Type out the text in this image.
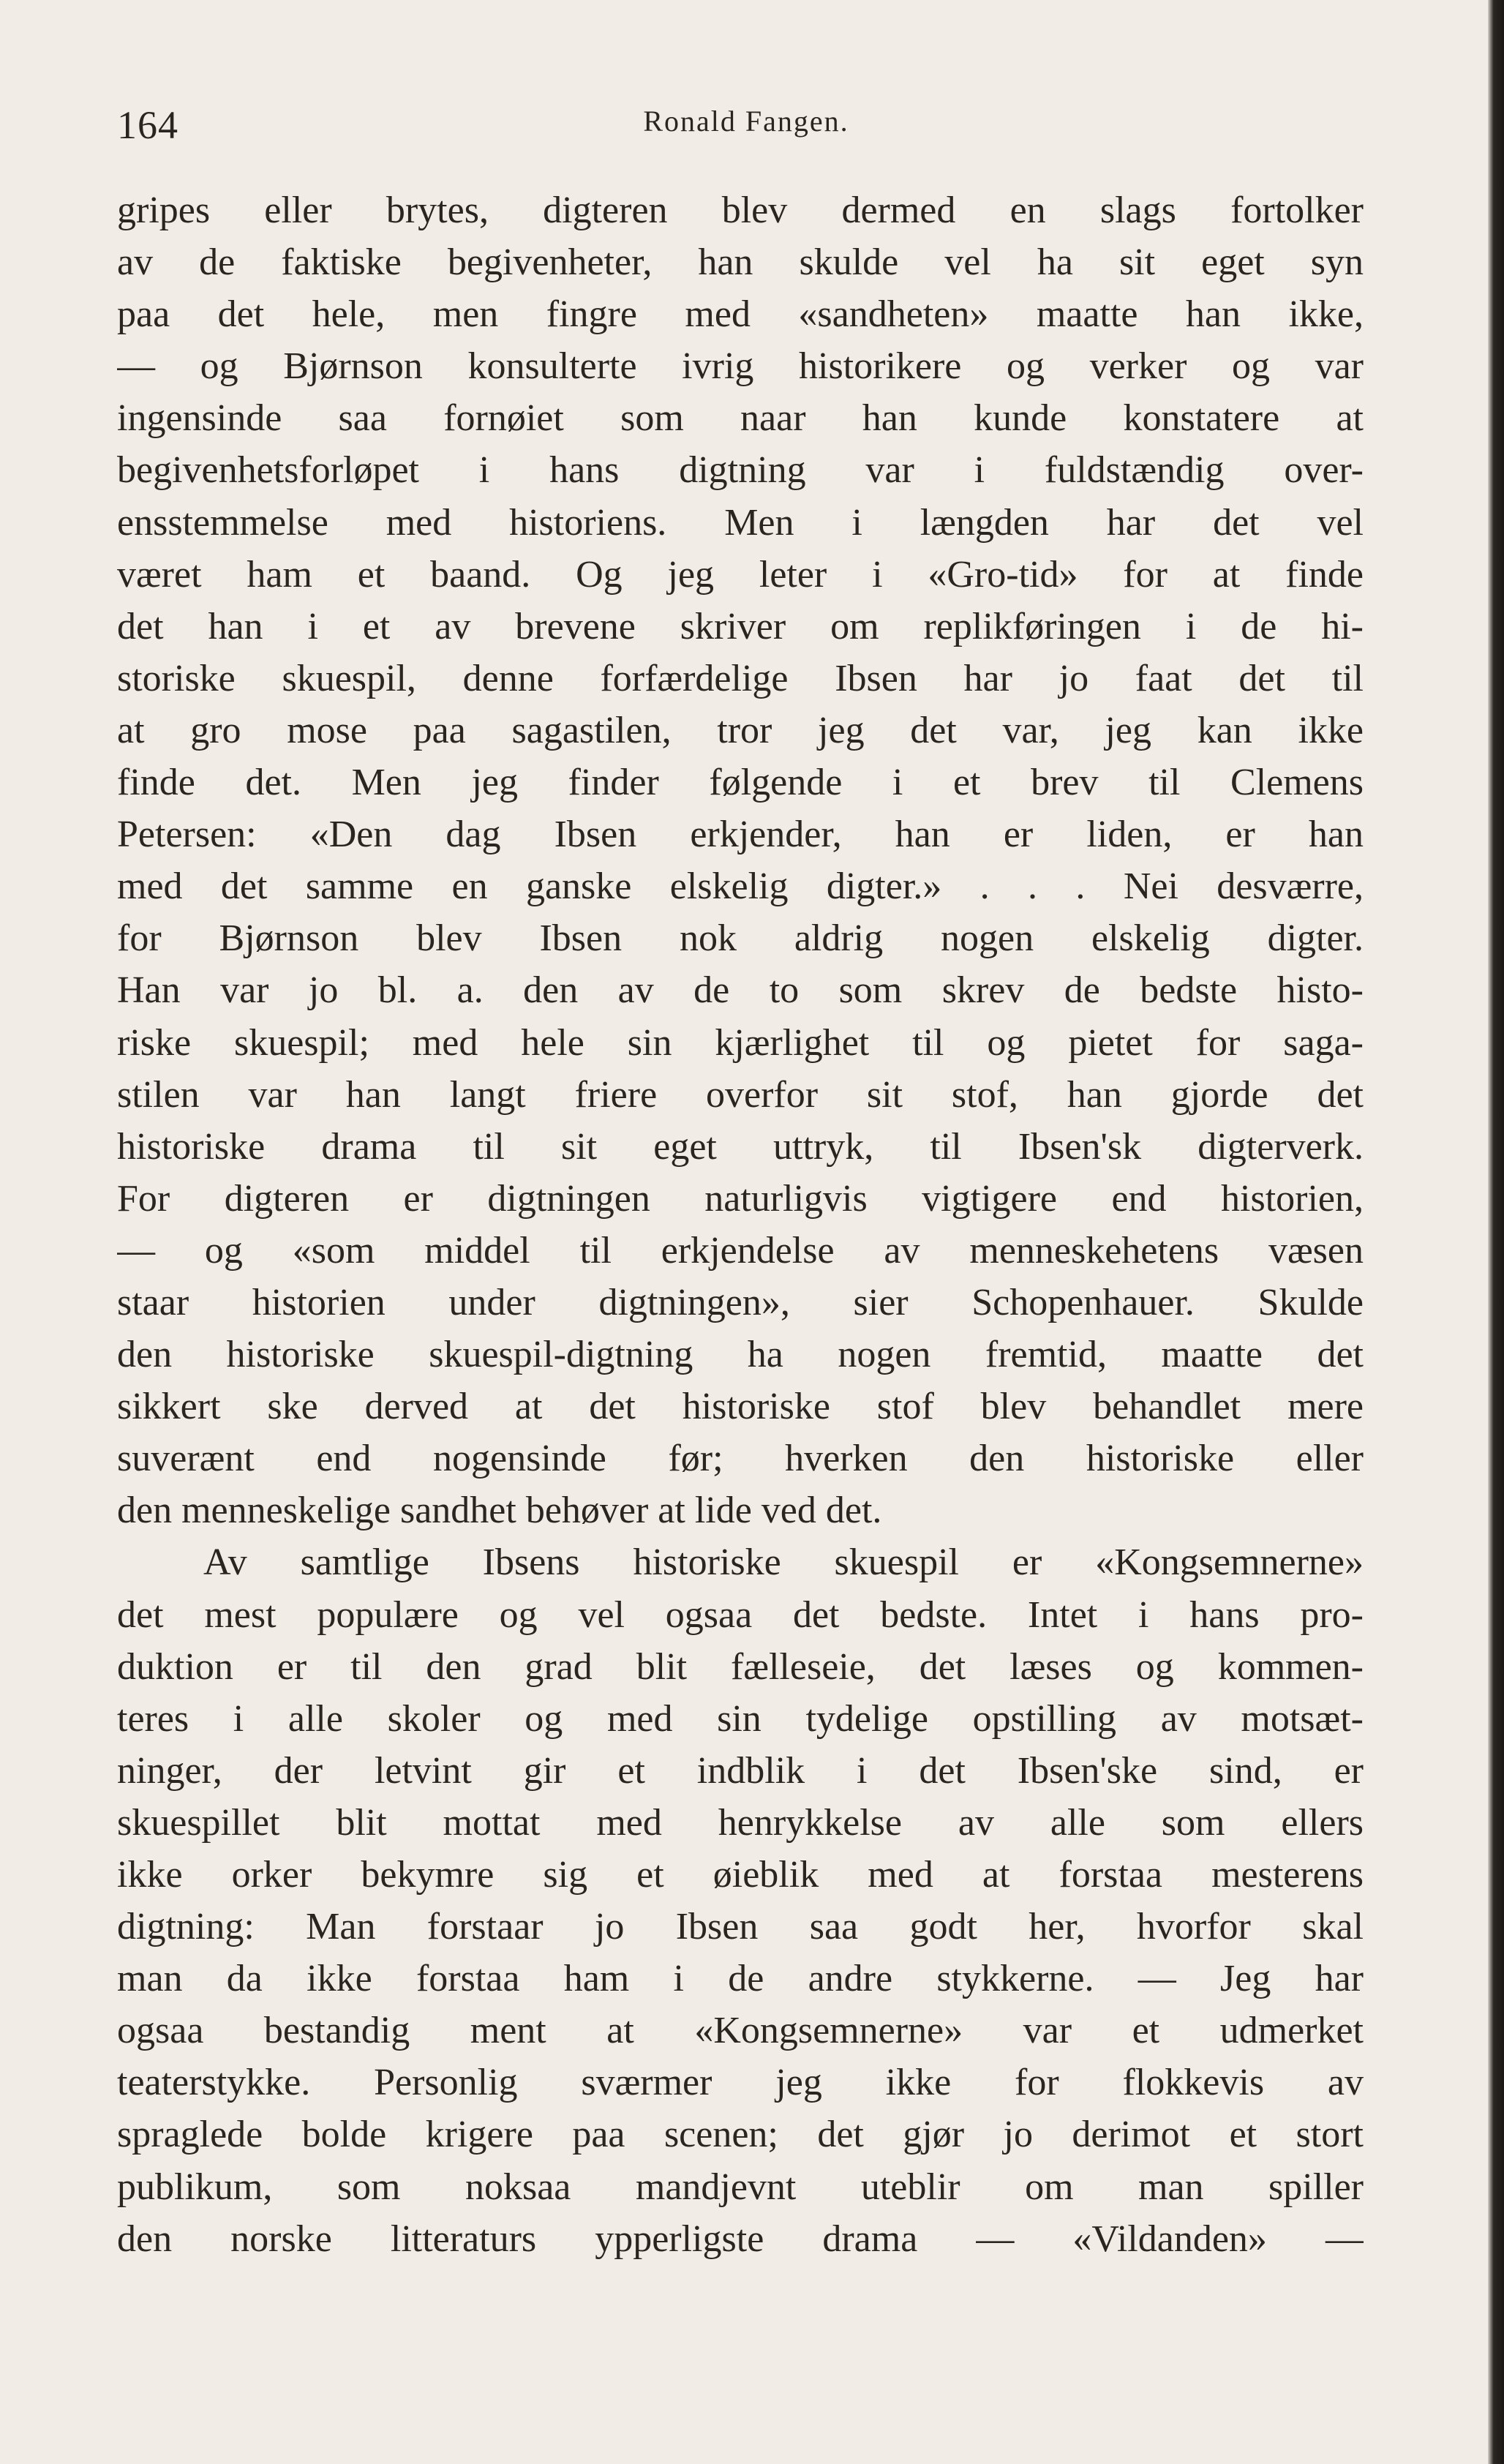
164	Ronald Fangen.
gripes eller brytes, digteren blev dermed en slags fortolker
av de faktiske begivenheter, han skulde vel ha sit eget syn
paa det hele, men fingre med «sandheten» maatte han ikke,
— og Bjørnson konsulterte ivrig historikere og verker og var
ingensinde saa fornøiet som naar han kunde konstatere at
begivenhetsforløpet i hans digtning var i fuldstændig over-
ensstemmelse med historiens. Men i længden har det vel
været ham et baand. Og jeg leter i «Gro-tid» for at finde
det han i et av brevene skriver om replikføringen i de hi-
storiske skuespil, denne forfærdelige Ibsen har jo faat det til
at gro mose paa sagastilen, tror jeg det var, jeg kan ikke
finde det. Men jeg finder følgende i et brev til Clemens
Petersen: «Den dag Ibsen erkjender, han er liden, er han
med det samme en ganske elskelig digter.» . . . Nei desværre,
for Bjørnson blev Ibsen nok aldrig nogen elskelig digter.
Han var jo bl. a. den av de to som skrev de bedste histo-
riske skuespil; med hele sin kjærlighet til og pietet for saga-
stilen var han langt friere overfor sit stof, han gjorde det
historiske drama til sit eget uttryk, til Ibsen'sk digterverk.
For digteren er digtningen naturligvis vigtigere end historien,
— og «som middel til erkjendelse av menneskehetens væsen
staar historien under digtningen», sier Schopenhauer. Skulde
den historiske skuespil-digtning ha nogen fremtid, maatte det
sikkert ske derved at det historiske stof blev behandlet mere
suverænt end nogensinde før; hverken den historiske eller
den menneskelige sandhet behøver at lide ved det.
Av samtlige Ibsens historiske skuespil er «Kongsemnerne»
det mest populære og vel ogsaa det bedste. Intet i hans pro-
duktion er til den grad blit fælleseie, det læses og kommen-
teres i alle skoler og med sin tydelige opstilling av motsæt-
ninger, der letvint gir et indblik i det Ibsen'ske sind, er
skuespillet blit mottat med henrykkelse av alle som ellers
ikke orker bekymre sig et øieblik med at forstaa mesterens
digtning: Man forstaar jo Ibsen saa godt her, hvorfor skal
man da ikke forstaa ham i de andre stykkerne. — Jeg har
ogsaa bestandig ment at «Kongsemnerne» var et udmerket
teaterstykke. Personlig sværmer jeg ikke for flokkevis av
spraglede bolde krigere paa scenen; det gjør jo derimot et stort
publikum, som noksaa mandjevnt uteblir om man spiller
den norske litteraturs ypperligste drama — «Vildanden» —
